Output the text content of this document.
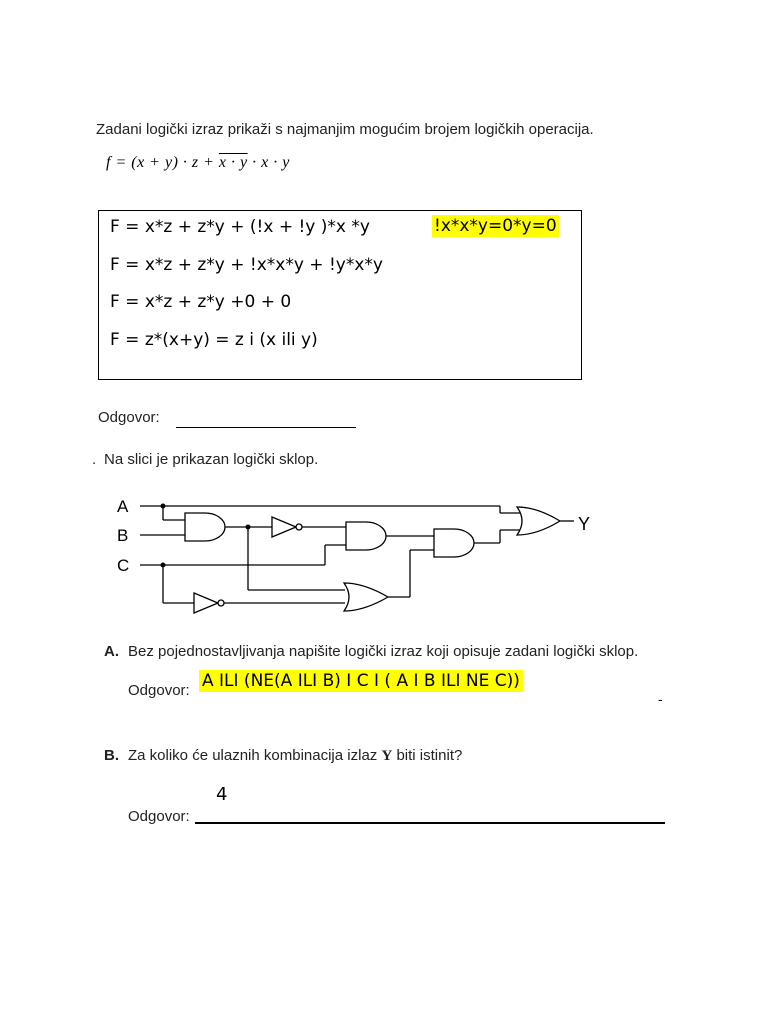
Zadani logički izraz prikaži s najmanjim mogućim brojem logičkih operacija.
f = (x + y) · z + x · y · x · y
F = x*z + z*y + (!x + !y )*x *y
F = x*z + z*y + !x*x*y + !y*x*y
F = x*z + z*y +0 + 0
F = z*(x+y) = z i (x ili y)
!x*x*y=0*y=0
Odgovor:
. Na slici je prikazan logički sklop.
A
B
C
Y
A. Bez pojednostavljivanja napišite logički izraz koji opisuje zadani logički sklop.
Odgovor: A ILI (NE(A ILI B) I C I ( A I B ILI NE C))
-
B. Za koliko će ulaznih kombinacija izlaz Y biti istinit?
4
Odgovor:
